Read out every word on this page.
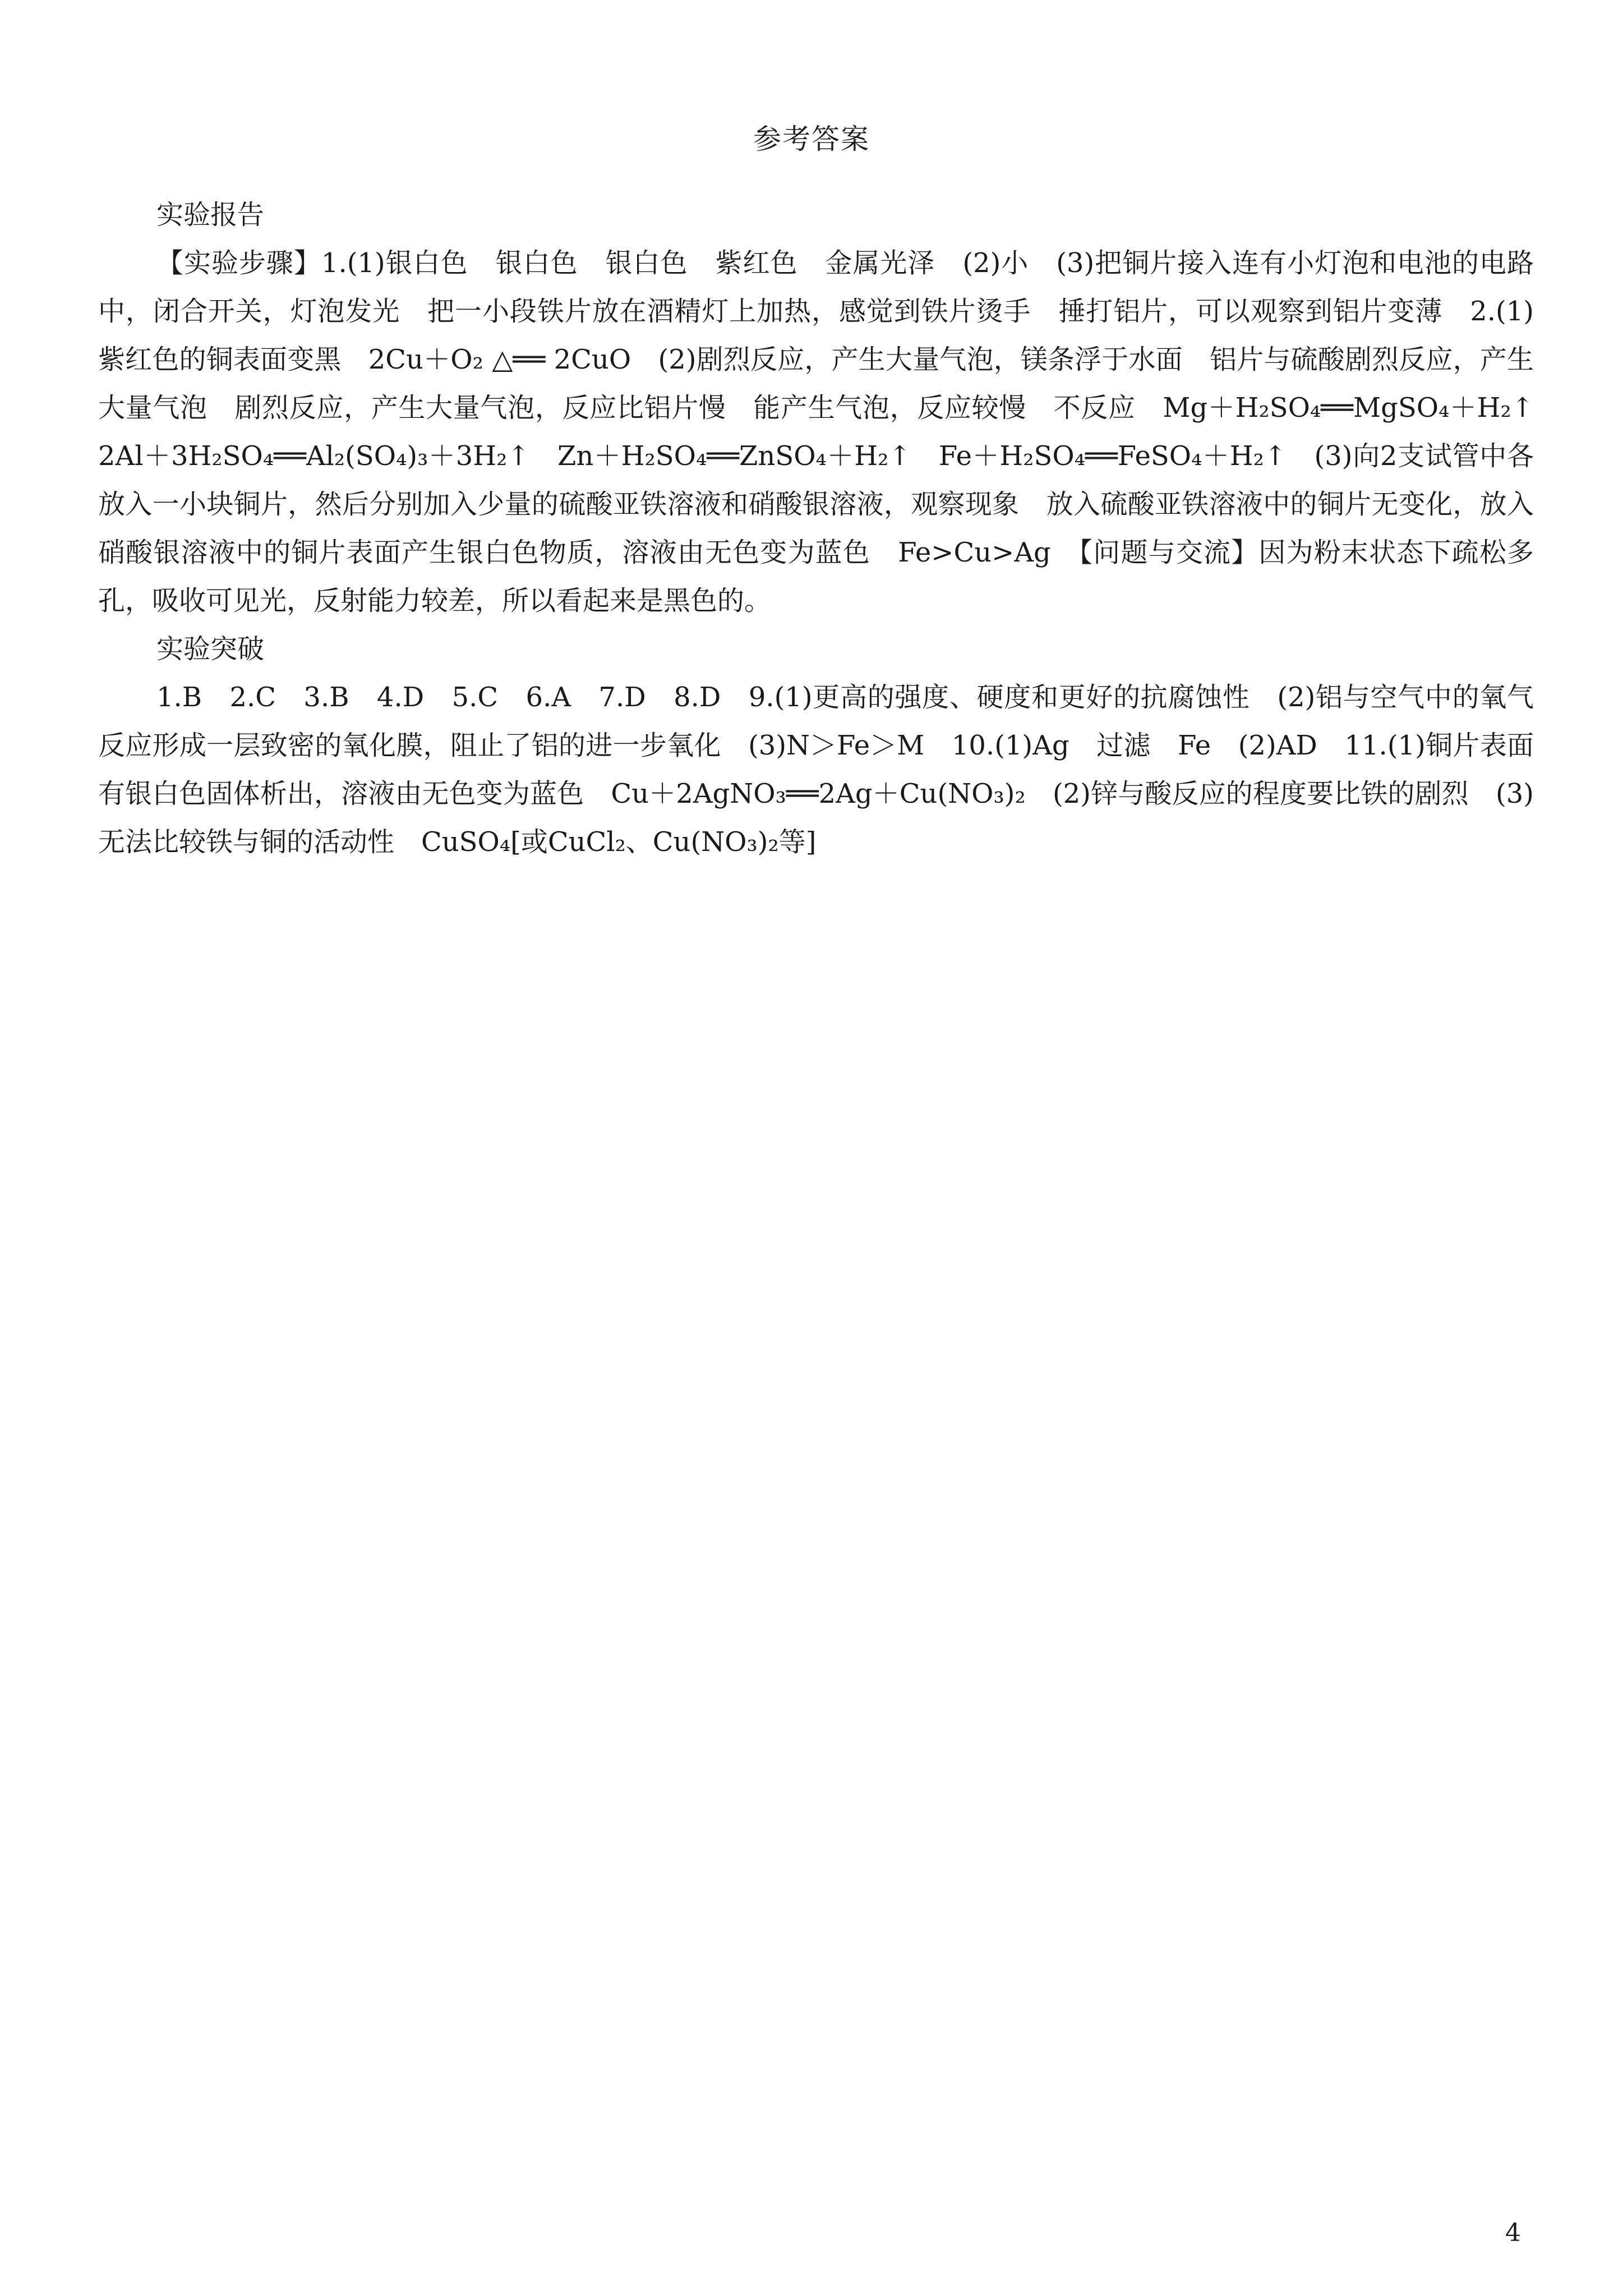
参考答案

实验报告

【实验步骤】1.(1)银白色　银白色　银白色　紫红色　金属光泽　(2)小　(3)把铜片接入连有小灯泡和电池的电路中，闭合开关，灯泡发光　把一小段铁片放在酒精灯上加热，感觉到铁片烫手　捶打铝片，可以观察到铝片变薄　2.(1)紫红色的铜表面变黑　2Cu＋O₂ △══ 2CuO　(2)剧烈反应，产生大量气泡，镁条浮于水面　铝片与硫酸剧烈反应，产生大量气泡　剧烈反应，产生大量气泡，反应比铝片慢　能产生气泡，反应较慢　不反应　Mg＋H₂SO₄══MgSO₄＋H₂↑　2Al＋3H₂SO₄══Al₂(SO₄)₃＋3H₂↑　Zn＋H₂SO₄══ZnSO₄＋H₂↑　Fe＋H₂SO₄══FeSO₄＋H₂↑　(3)向2支试管中各放入一小块铜片，然后分别加入少量的硫酸亚铁溶液和硝酸银溶液，观察现象　放入硫酸亚铁溶液中的铜片无变化，放入硝酸银溶液中的铜片表面产生银白色物质，溶液由无色变为蓝色　Fe>Cu>Ag　【问题与交流】因为粉末状态下疏松多孔，吸收可见光，反射能力较差，所以看起来是黑色的。

实验突破

1.B　2.C　3.B　4.D　5.C　6.A　7.D　8.D　9.(1)更高的强度、硬度和更好的抗腐蚀性　(2)铝与空气中的氧气反应形成一层致密的氧化膜，阻止了铝的进一步氧化　(3)N＞Fe＞M　10.(1)Ag　过滤　Fe　(2)AD　11.(1)铜片表面有银白色固体析出，溶液由无色变为蓝色　Cu＋2AgNO₃══2Ag＋Cu(NO₃)₂　(2)锌与酸反应的程度要比铁的剧烈　(3)无法比较铁与铜的活动性　CuSO₄[或CuCl₂、Cu(NO₃)₂等]

4
